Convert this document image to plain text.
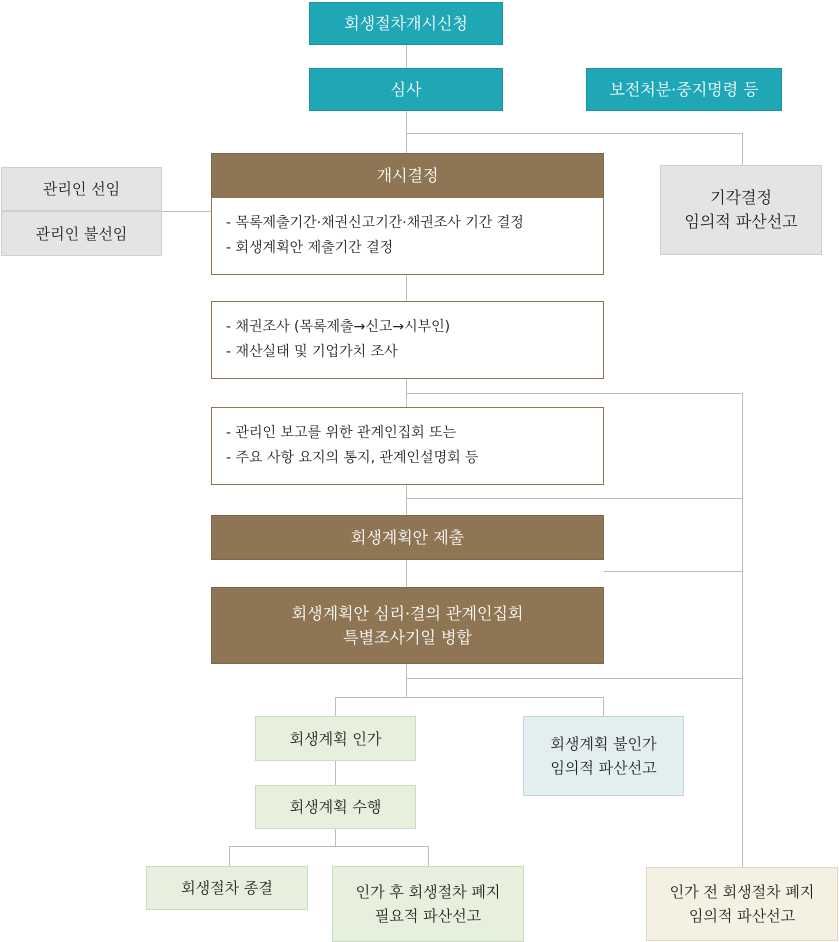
회생절차개시신청
심사	보전처분·중지명령 등
관리인 선임
관리인 불선임
개시결정
- 목록제출기간·채권신고기간·채권조사 기간 결정
- 회생계획안 제출기간 결정
기각결정
임의적 파산선고
- 채권조사 (목록제출→신고→시부인)
- 재산실태 및 기업가치 조사
- 관리인 보고를 위한 관계인집회 또는
- 주요 사항 요지의 통지, 관계인설명회 등
회생계획안 제출
회생계획안 심리·결의 관계인집회
특별조사기일 병합
회생계획 인가	회생계획 불인가
임의적 파산선고
회생계획 수행
회생절차 종결	인가 후 회생절차 폐지
필요적 파산선고
인가 전 회생절차 폐지
임의적 파산선고
